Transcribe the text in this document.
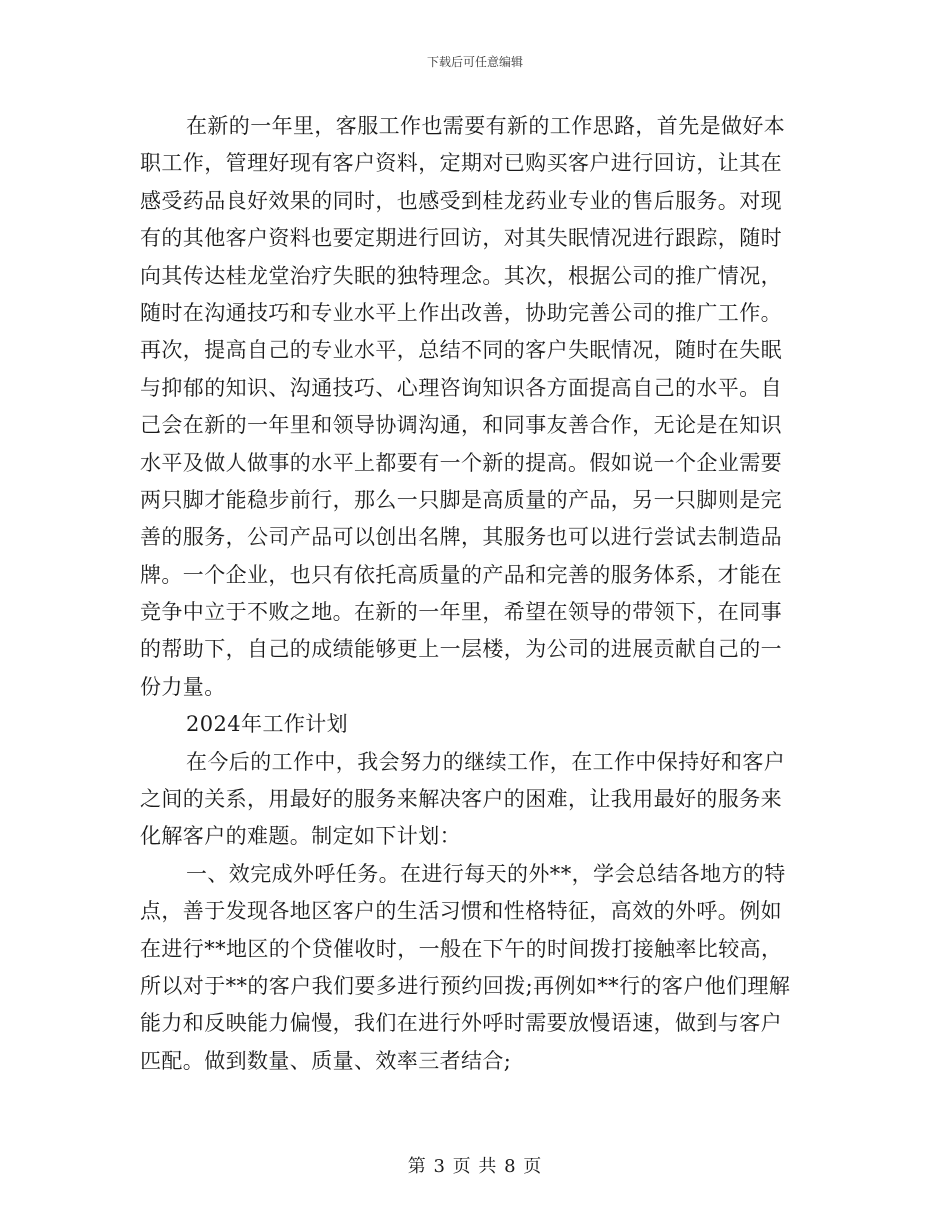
下载后可任意编辑
在新的一年里，客服工作也需要有新的工作思路，首先是做好本
职工作，管理好现有客户资料，定期对已购买客户进行回访，让其在
感受药品良好效果的同时，也感受到桂龙药业专业的售后服务。对现
有的其他客户资料也要定期进行回访，对其失眠情况进行跟踪，随时
向其传达桂龙堂治疗失眠的独特理念。其次，根据公司的推广情况，
随时在沟通技巧和专业水平上作出改善，协助完善公司的推广工作。
再次，提高自己的专业水平，总结不同的客户失眠情况，随时在失眠
与抑郁的知识、沟通技巧、心理咨询知识各方面提高自己的水平。自
己会在新的一年里和领导协调沟通，和同事友善合作，无论是在知识
水平及做人做事的水平上都要有一个新的提高。假如说一个企业需要
两只脚才能稳步前行，那么一只脚是高质量的产品，另一只脚则是完
善的服务，公司产品可以创出名牌，其服务也可以进行尝试去制造品
牌。一个企业，也只有依托高质量的产品和完善的服务体系，才能在
竞争中立于不败之地。在新的一年里，希望在领导的带领下，在同事
的帮助下，自己的成绩能够更上一层楼，为公司的进展贡献自己的一
份力量。
2024年工作计划
在今后的工作中，我会努力的继续工作，在工作中保持好和客户
之间的关系，用最好的服务来解决客户的困难，让我用最好的服务来
化解客户的难题。制定如下计划：
一、效完成外呼任务。在进行每天的外**，学会总结各地方的特
点，善于发现各地区客户的生活习惯和性格特征，高效的外呼。例如
在进行**地区的个贷催收时，一般在下午的时间拨打接触率比较高，
所以对于**的客户我们要多进行预约回拨;再例如**行的客户他们理解
能力和反映能力偏慢，我们在进行外呼时需要放慢语速，做到与客户
匹配。做到数量、质量、效率三者结合;
第 3 页 共 8 页
